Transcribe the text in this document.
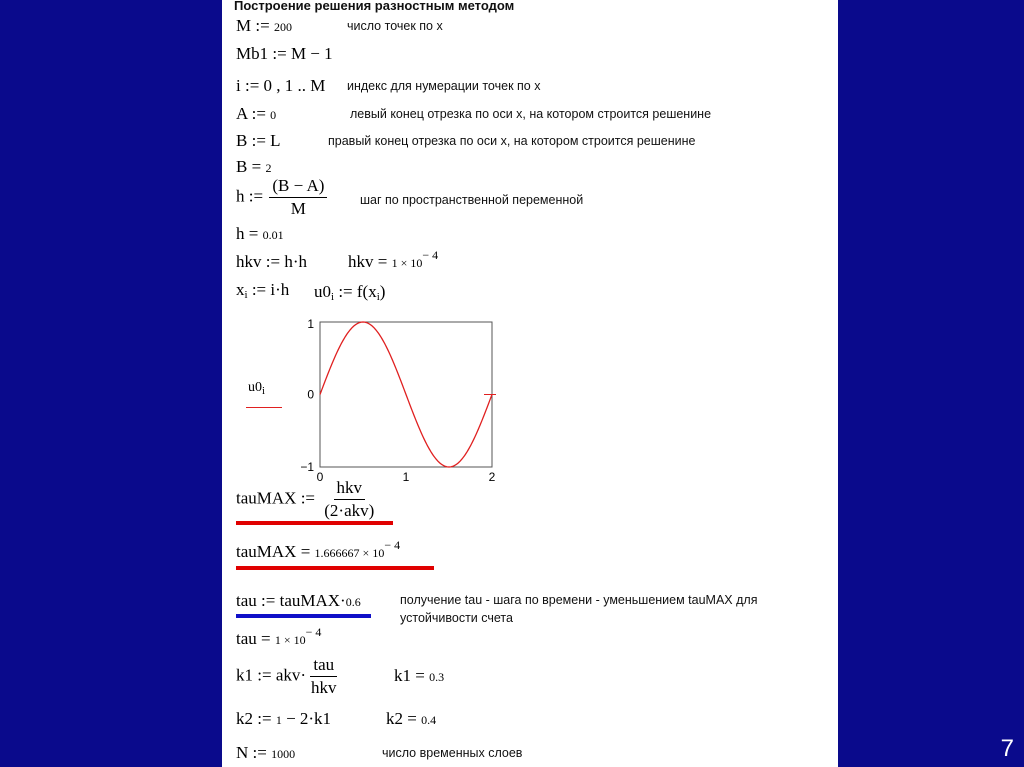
Построение решения разностным методом
M := 200	число точек по x
Mb1 := M − 1
i := 0 , 1 .. M индекс для нумерации точек по x
A := 0	левый конец отрезка по оси x, на котором строится решенине
B := L	правый конец отрезка по оси x, на котором строится решенине
B = 2
h := $\frac{(B - A)}{M}$	шаг по пространственной переменной
h = 0.01
hkv := h·h hkv = $1 \times 10^{- 4}$
xi := i·h u0i := f(xi)
1
0
−1
0	1	2
$u0_i$
tauMAX := $\frac{\text{hkv}}{\text{(2·akv)}}$
tauMAX = $1.666667 \times 10^{- 4}$
tau := tauMAX·0.6	получение tau - шага по времени - уменьшением tauMAX для
устойчивости счета
tau = $1 \times 10^{- 4}$
k1 := $akv\cdot \frac{\text{tau}}{\text{hkv}}$	k1 = 0.3
k2 := 1 − 2·k1	k2 = 0.4
N := 1000	число временных слоев	7
